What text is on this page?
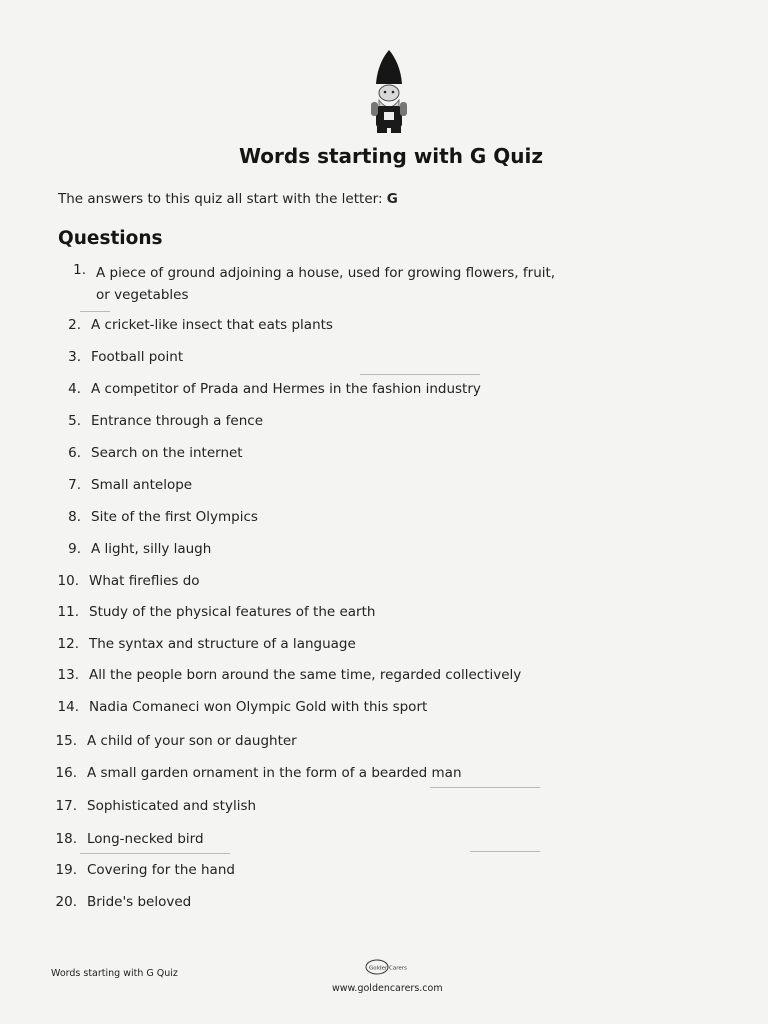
Words starting with G Quiz
The answers to this quiz all start with the letter: G
Questions
1. A piece of ground adjoining a house, used for growing flowers, fruit, or vegetables
2. A cricket-like insect that eats plants
3. Football point
4. A competitor of Prada and Hermes in the fashion industry
5. Entrance through a fence
6. Search on the internet
7. Small antelope
8. Site of the first Olympics
9. A light, silly laugh
10. What fireflies do
11. Study of the physical features of the earth
12. The syntax and structure of a language
13. All the people born around the same time, regarded collectively
14. Nadia Comaneci won Olympic Gold with this sport
15. A child of your son or daughter
16. A small garden ornament in the form of a bearded man
17. Sophisticated and stylish
18. Long-necked bird
19. Covering for the hand
20. Bride's beloved
Words starting with G Quiz	Golden Carers
www.goldencarers.com
